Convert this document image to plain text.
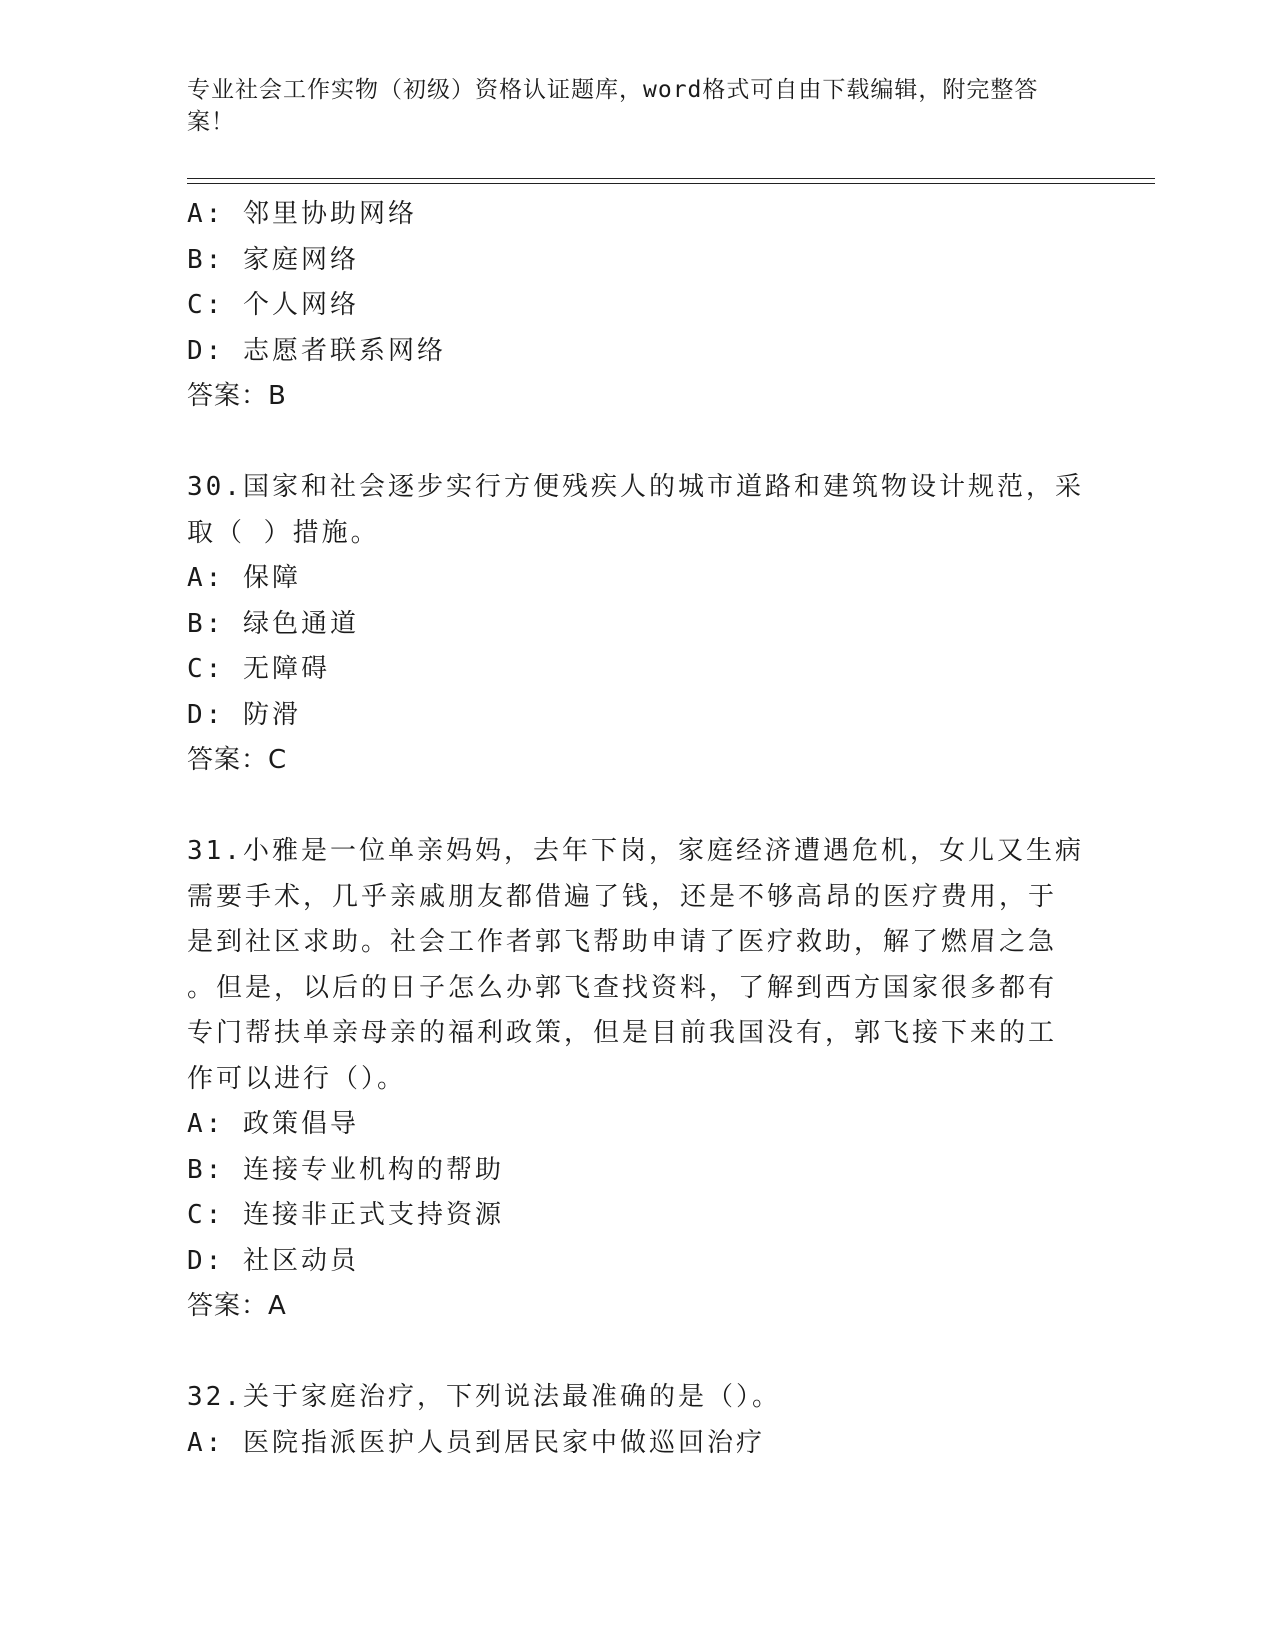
专业社会工作实物（初级）资格认证题库，word格式可自由下载编辑，附完整答
案！
A: 邻里协助网络
B: 家庭网络
C: 个人网络
D: 志愿者联系网络
答案：B
30.国家和社会逐步实行方便残疾人的城市道路和建筑物设计规范，采
取（ ）措施。
A: 保障
B: 绿色通道
C: 无障碍
D: 防滑
答案：C
31.小雅是一位单亲妈妈，去年下岗，家庭经济遭遇危机，女儿又生病
需要手术，几乎亲戚朋友都借遍了钱，还是不够高昂的医疗费用，于
是到社区求助。社会工作者郭飞帮助申请了医疗救助，解了燃眉之急
。但是，以后的日子怎么办郭飞查找资料，了解到西方国家很多都有
专门帮扶单亲母亲的福利政策，但是目前我国没有，郭飞接下来的工
作可以进行（）。
A: 政策倡导
B: 连接专业机构的帮助
C: 连接非正式支持资源
D: 社区动员
答案：A
32.关于家庭治疗，下列说法最准确的是（）。
A: 医院指派医护人员到居民家中做巡回治疗
